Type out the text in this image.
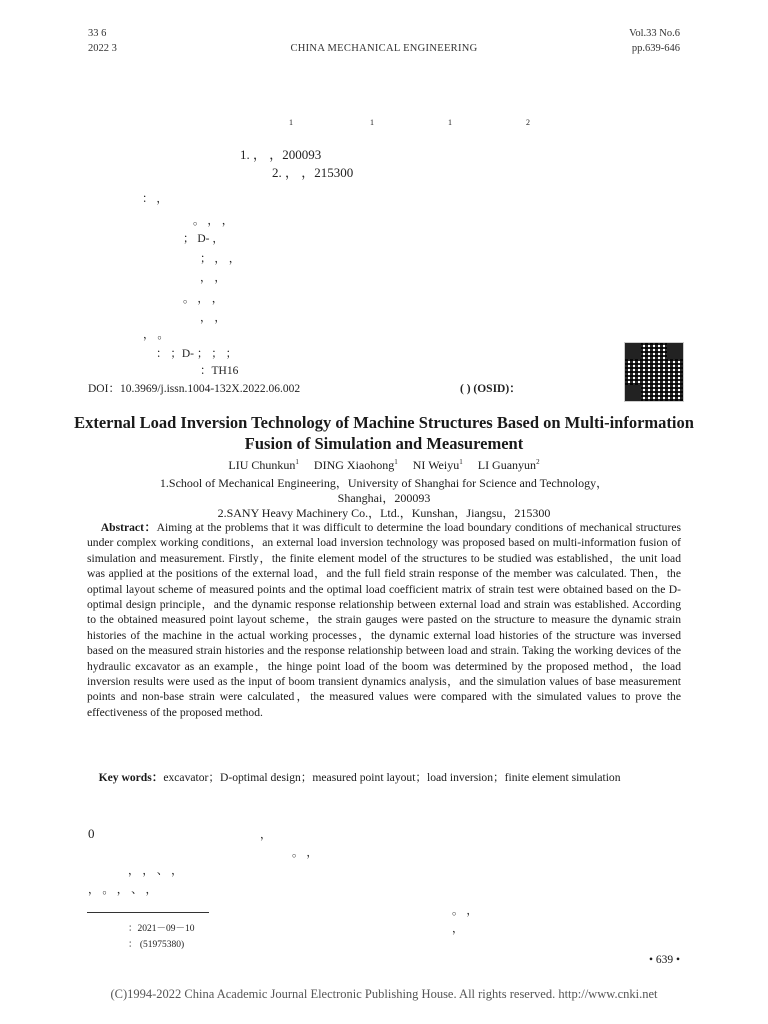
33 6
2022 3	CHINA MECHANICAL ENGINEERING
Vol.33 No.6
pp.639-646
1	1	1	2
1. ， ，200093
2. ， ，215300
： ，
。 ， ，
； D- ，
； ， ，
， ，
。 ， ，
， ，
， 。
： ；D- ； ； ；
：TH16
DOI：10.3969/j.issn.1004-132X.2022.06.002	( ) (OSID)：
External Load Inversion Technology of Machine Structures Based on Multi-information Fusion of Simulation and Measurement
LIU Chunkun$^1$ DING Xiaohong$^1$ NI Weiyu$^1$ LI Guanyun$^2$
1.School of Mechanical Engineering，University of Shanghai for Science and Technology，
Shanghai，200093
2.SANY Heavy Machinery Co.，Ltd.，Kunshan，Jiangsu，215300

Abstract：Aiming at the problems that it was difficult to determine the load boundary conditions of mechanical structures under complex working conditions，an external load inversion technology was proposed based on multi-information fusion of simulation and measurement. Firstly，the finite element model of the structures to be studied was established，the unit load was applied at the positions of the external load，and the full field strain response of the member was calculated. Then，the optimal layout scheme of measured points and the optimal load coefficient matrix of strain test were obtained based on the D-optimal design principle，and the dynamic response relationship between external load and strain was established. According to the obtained measured point layout scheme，the strain gauges were pasted on the structure to measure the dynamic strain histories of the machine in the actual working processes，the dynamic external load histories of the structure was inversed based on the measured strain histories and the response relationship between load and strain. Taking the working devices of the hydraulic excavator as an example，the hinge point load of the boom was determined by the proposed method，the load inversion results were used as the input of boom transient dynamics analysis，and the simulation values of base measurement points and non-base strain were calculated，the measured values were compared with the simulated values to prove the effectiveness of the proposed method.

Key words：excavator；D-optimal design；measured point layout；load inversion；finite element simulation

0	，
。 ，
， ， 、 ，
， 。 ， 、 ，
：2021－09－10
： (51975380)
。 ，
，
• 639 •
(C)1994-2022 China Academic Journal Electronic Publishing House. All rights reserved. http://www.cnki.net
